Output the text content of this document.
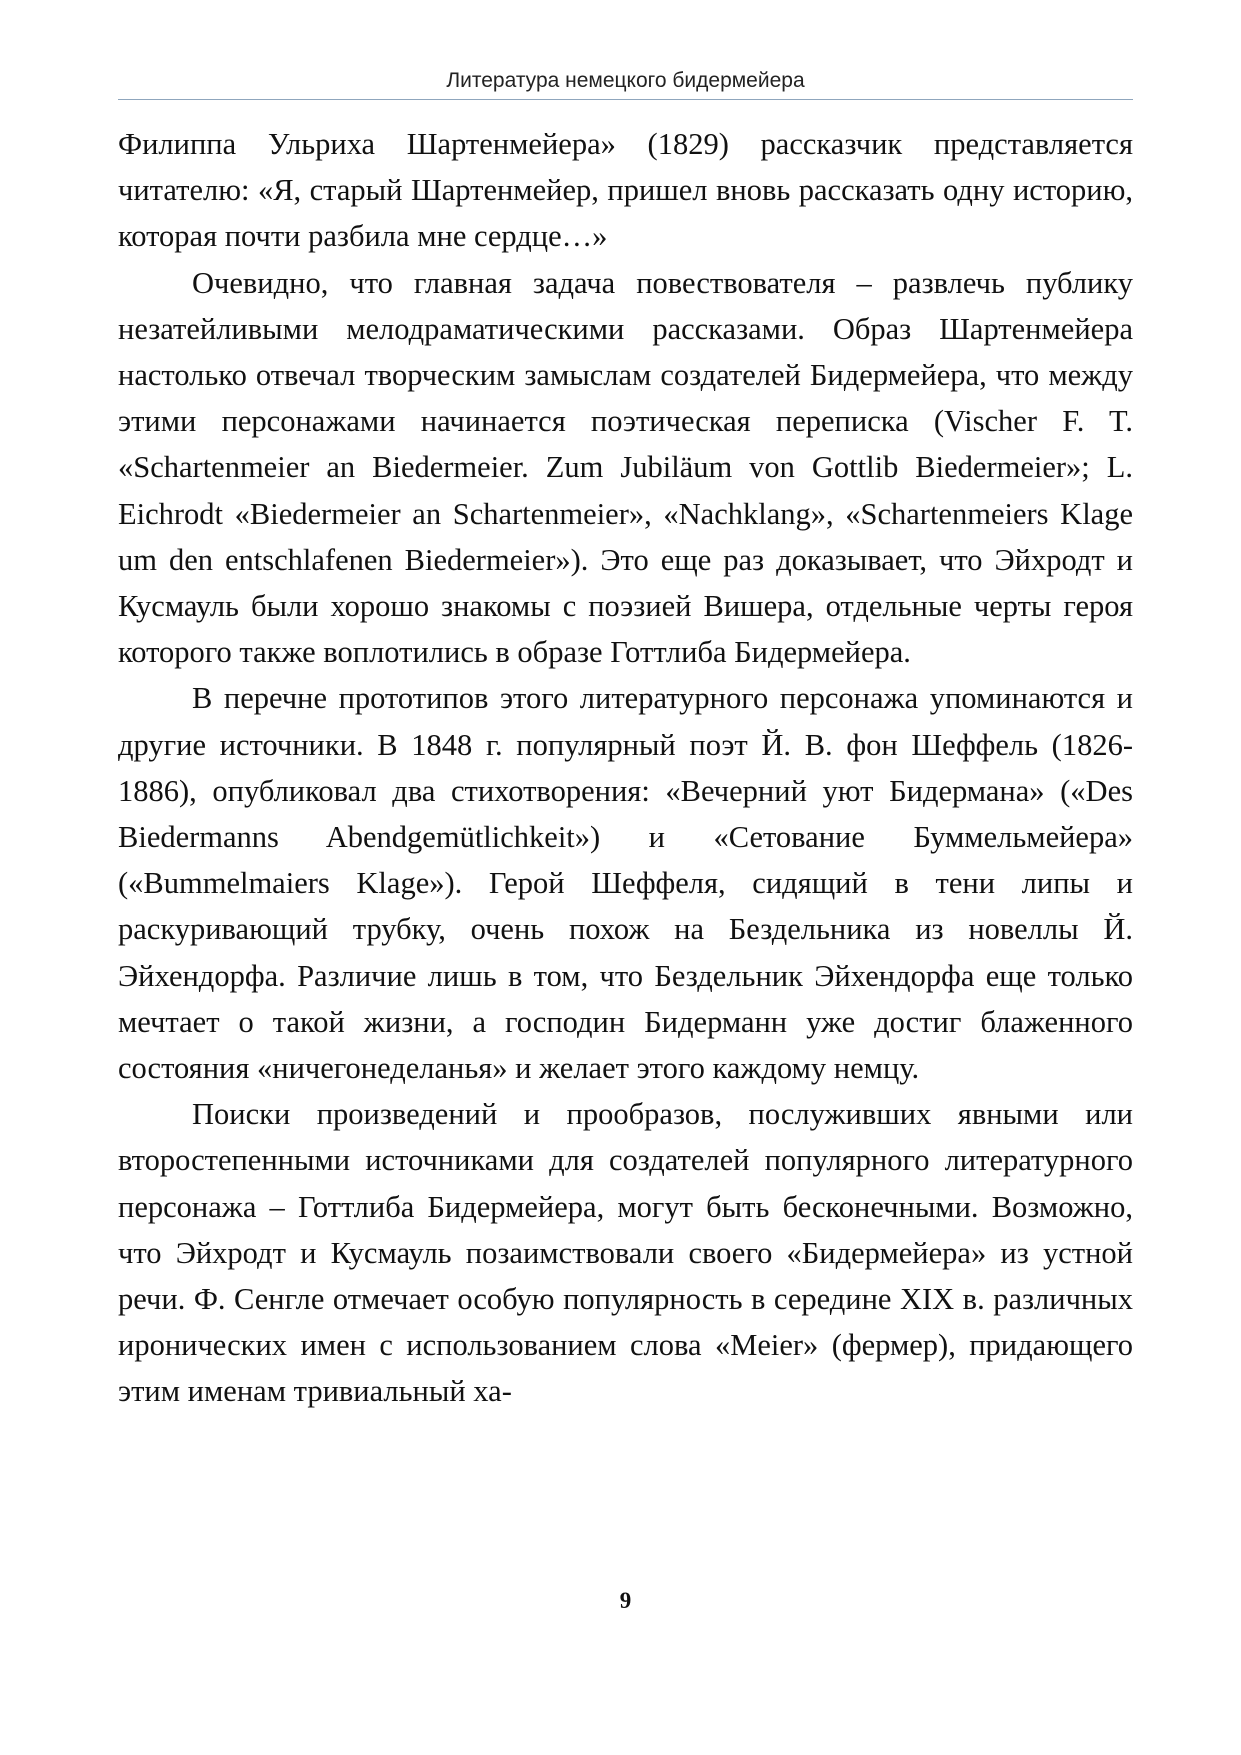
Литература немецкого бидермейера

Филиппа Ульриха Шартенмейера» (1829) рассказчик представляется читателю: «Я, старый Шартенмейер, пришел вновь рассказать одну историю, которая почти разбила мне сердце…»

Очевидно, что главная задача повествователя – развлечь публику незатейливыми мелодраматическими рассказами. Образ Шартенмейера настолько отвечал творческим замыслам создателей Бидермейера, что между этими персонажами начинается поэтическая переписка (Vischer F. T. «Schartenmeier an Biedermeier. Zum Jubiläum von Gottlib Biedermeier»; L. Eichrodt «Biedermeier an Schartenmeier», «Nachklang», «Schartenmeiers Klage um den entschlafenen Biedermeier»). Это еще раз доказывает, что Эйхродт и Кусмауль были хорошо знакомы с поэзией Вишера, отдельные черты героя которого также воплотились в образе Готтлиба Бидермейера.

В перечне прототипов этого литературного персонажа упоминаются и другие источники. В 1848 г. популярный поэт Й. В. фон Шеффель (1826-1886), опубликовал два стихотворения: «Вечерний уют Бидермана» («Des Biedermanns Abendgemütlichkeit») и «Сетование Буммельмейера» («Bummelmaiers Klage»). Герой Шеффеля, сидящий в тени липы и раскуривающий трубку, очень похож на Бездельника из новеллы Й. Эйхендорфа. Различие лишь в том, что Бездельник Эйхендорфа еще только мечтает о такой жизни, а господин Бидерманн уже достиг блаженного состояния «ничегонеделанья» и желает этого каждому немцу.

Поиски произведений и прообразов, послуживших явными или второстепенными источниками для создателей популярного литературного персонажа – Готтлиба Бидермейера, могут быть бесконечными. Возможно, что Эйхродт и Кусмауль позаимствовали своего «Бидермейера» из устной речи. Ф. Сенгле отмечает особую популярность в середине XIX в. различных иронических имен с использованием слова «Meier» (фермер), придающего этим именам тривиальный ха-

9
